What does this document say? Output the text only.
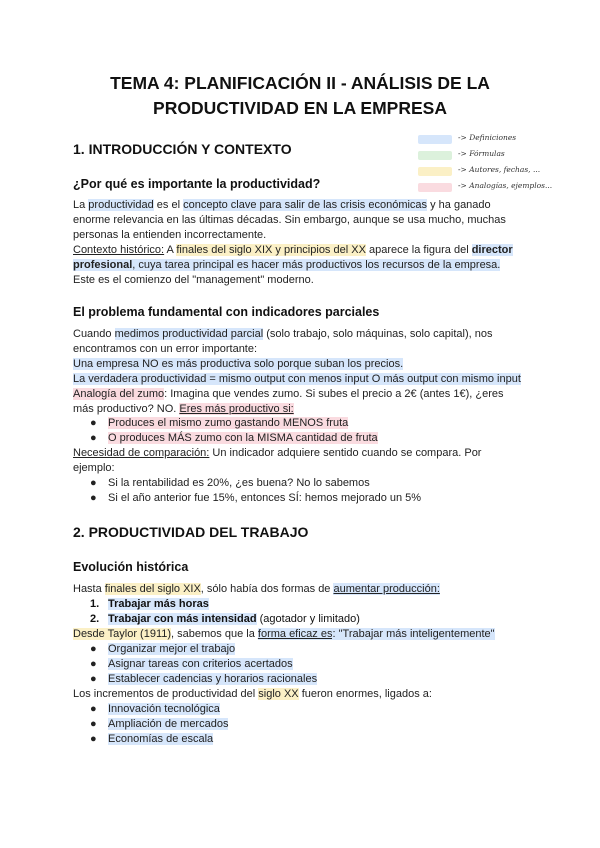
TEMA 4: PLANIFICACIÓN II - ANÁLISIS DE LA
PRODUCTIVIDAD EN LA EMPRESA
1. INTRODUCCIÓN Y CONTEXTO
-> Definiciones
-> Fórmulas
-> Autores, fechas, ...
-> Analogías, ejemplos...
¿Por qué es importante la productividad?
La productividad es el concepto clave para salir de las crisis económicas y ha ganado
enorme relevancia en las últimas décadas. Sin embargo, aunque se usa mucho, muchas
personas la entienden incorrectamente.
Contexto histórico: A finales del siglo XIX y principios del XX aparece la figura del director
profesional, cuya tarea principal es hacer más productivos los recursos de la empresa.
Este es el comienzo del "management" moderno.
El problema fundamental con indicadores parciales
Cuando medimos productividad parcial (solo trabajo, solo máquinas, solo capital), nos
encontramos con un error importante:
Una empresa NO es más productiva solo porque suban los precios.
La verdadera productividad = mismo output con menos input O más output con mismo input
Analogía del zumo: Imagina que vendes zumo. Si subes el precio a 2€ (antes 1€), ¿eres
más productivo? NO. Eres más productivo si:
● Produces el mismo zumo gastando MENOS fruta
● O produces MÁS zumo con la MISMA cantidad de fruta
Necesidad de comparación: Un indicador adquiere sentido cuando se compara. Por
ejemplo:
● Si la rentabilidad es 20%, ¿es buena? No lo sabemos
● Si el año anterior fue 15%, entonces SÍ: hemos mejorado un 5%
2. PRODUCTIVIDAD DEL TRABAJO
Evolución histórica
Hasta finales del siglo XIX, sólo había dos formas de aumentar producción:
1. Trabajar más horas
2. Trabajar con más intensidad (agotador y limitado)
Desde Taylor (1911), sabemos que la forma eficaz es: "Trabajar más inteligentemente"
● Organizar mejor el trabajo
● Asignar tareas con criterios acertados
● Establecer cadencias y horarios racionales
Los incrementos de productividad del siglo XX fueron enormes, ligados a:
● Innovación tecnológica
● Ampliación de mercados
● Economías de escala
